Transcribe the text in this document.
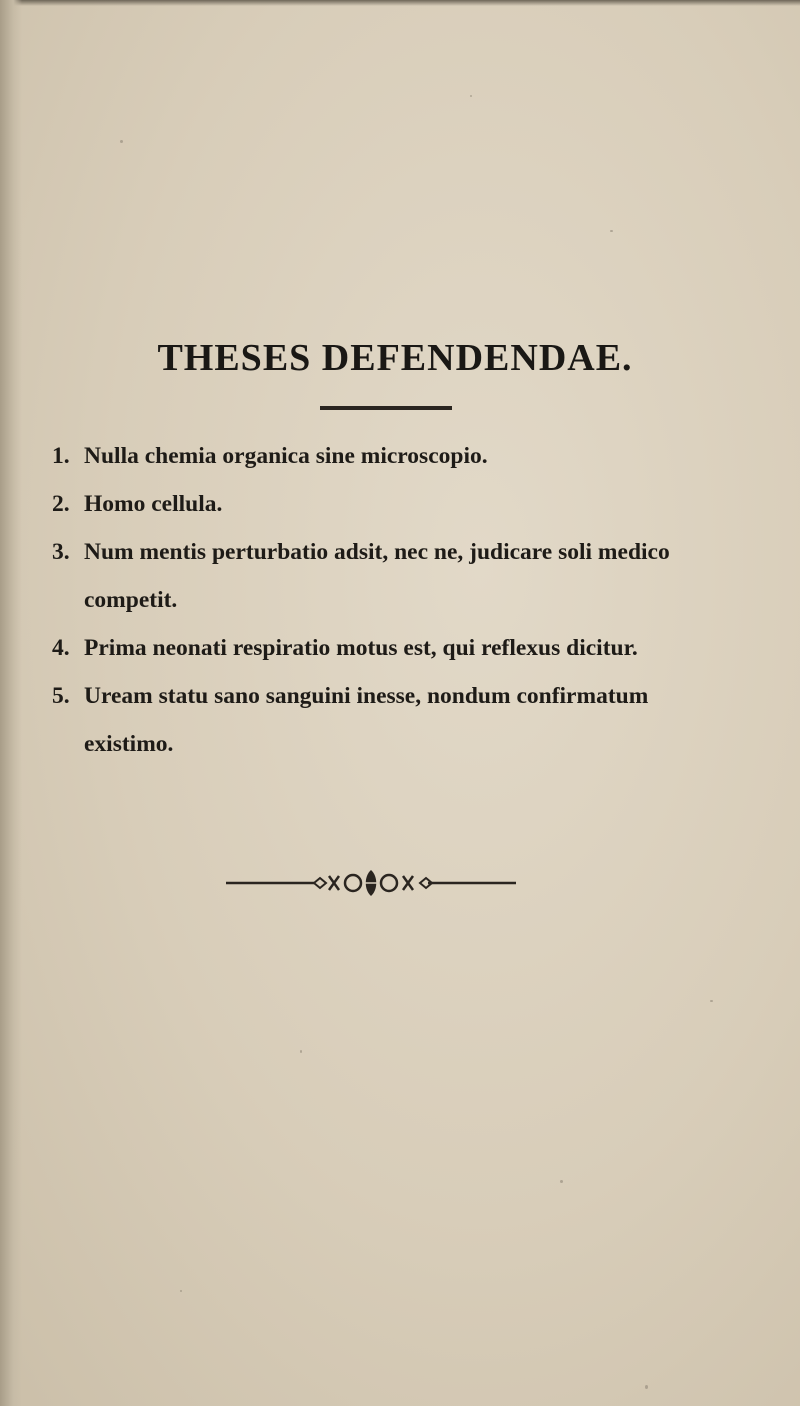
THESES DEFENDENDAE.
1. Nulla chemia organica sine microscopio.
2. Homo cellula.
3. Num mentis perturbatio adsit, nec ne, judicare soli medico competit.
4. Prima neonati respiratio motus est, qui reflexus dicitur.
5. Uream statu sano sanguini inesse, nondum confirmatum existimo.
